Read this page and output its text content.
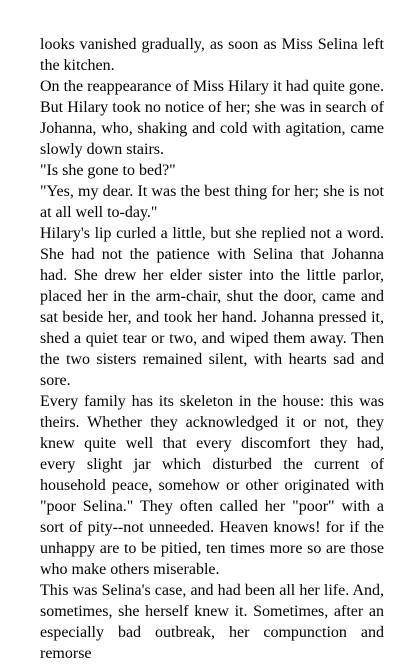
looks vanished gradually, as soon as Miss Selina left the kitchen.

On the reappearance of Miss Hilary it had quite gone. But Hilary took no notice of her; she was in search of Johanna, who, shaking and cold with agitation, came slowly down stairs.

"Is she gone to bed?"

"Yes, my dear. It was the best thing for her; she is not at all well to-day."

Hilary's lip curled a little, but she replied not a word. She had not the patience with Selina that Johanna had. She drew her elder sister into the little parlor, placed her in the arm-chair, shut the door, came and sat beside her, and took her hand. Johanna pressed it, shed a quiet tear or two, and wiped them away. Then the two sisters remained silent, with hearts sad and sore.

Every family has its skeleton in the house: this was theirs. Whether they acknowledged it or not, they knew quite well that every discomfort they had, every slight jar which disturbed the current of household peace, somehow or other originated with "poor Selina." They often called her "poor" with a sort of pity--not unneeded. Heaven knows! for if the unhappy are to be pitied, ten times more so are those who make others miserable.

This was Selina's case, and had been all her life. And, sometimes, she herself knew it. Sometimes, after an especially bad outbreak, her compunction and remorse
